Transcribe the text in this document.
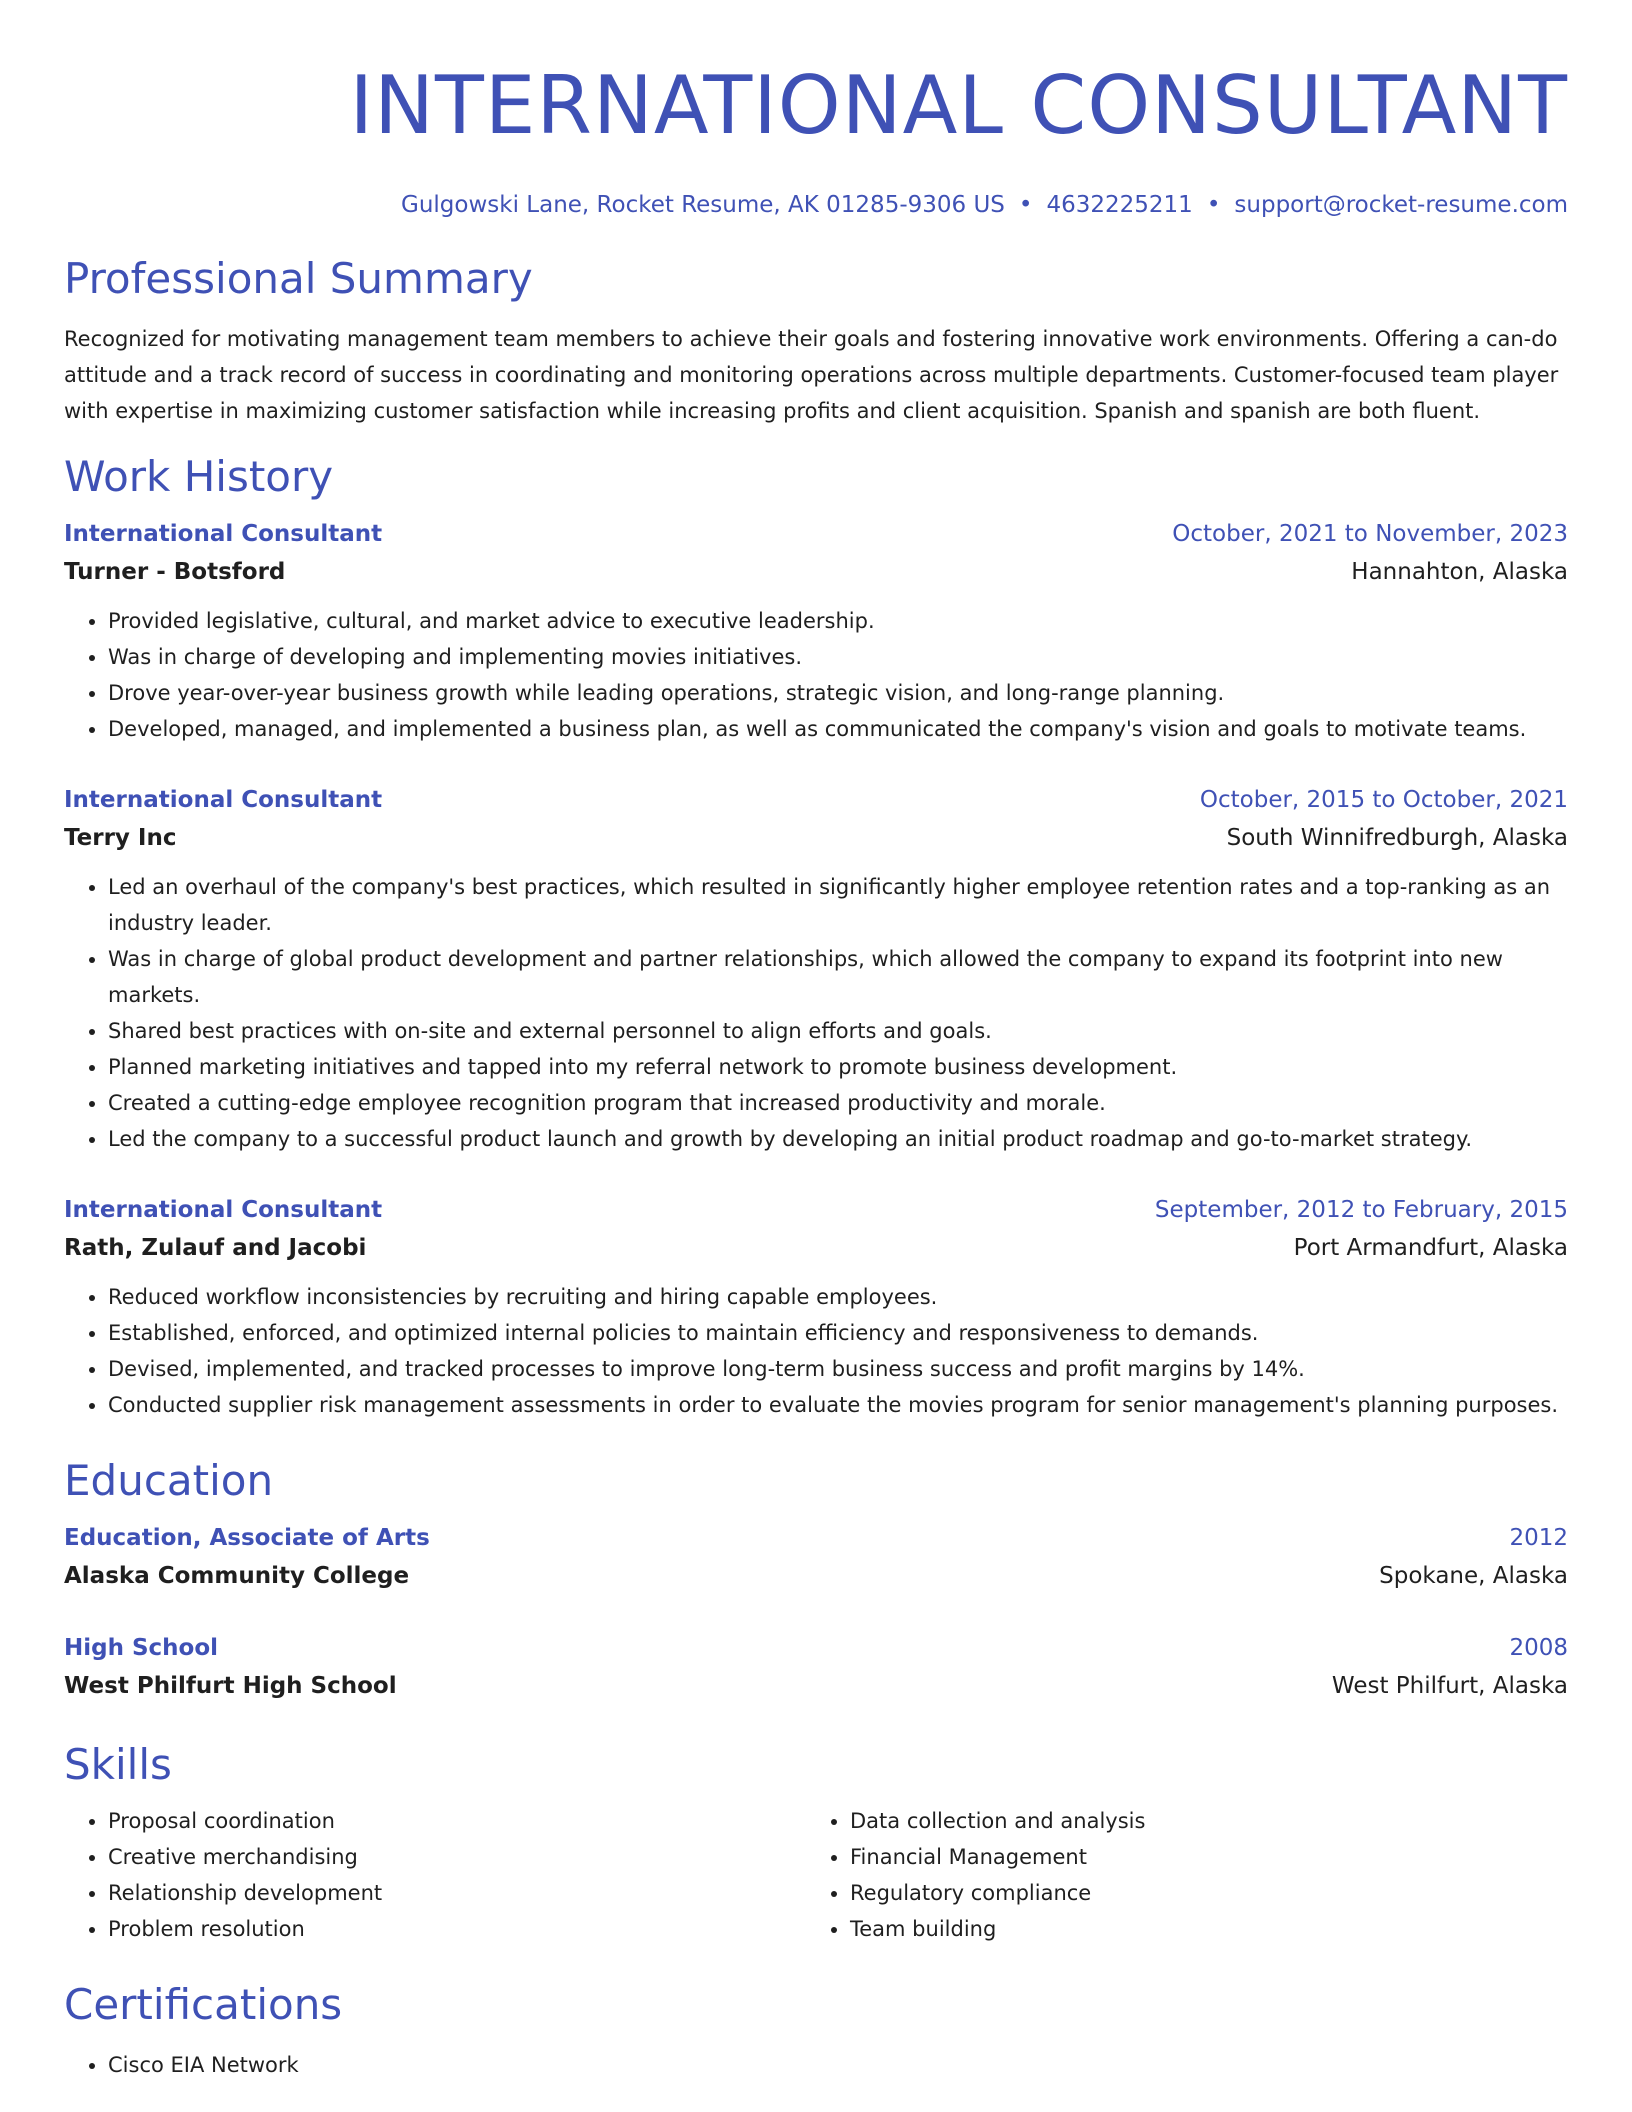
INTERNATIONAL CONSULTANT
Gulgowski Lane, Rocket Resume, AK 01285-9306 US • 4632225211 • support@rocket-resume.com
Professional Summary
Recognized for motivating management team members to achieve their goals and fostering innovative work environments. Offering a can-do attitude and a track record of success in coordinating and monitoring operations across multiple departments. Customer-focused team player with expertise in maximizing customer satisfaction while increasing profits and client acquisition. Spanish and spanish are both fluent.
Work History
International Consultant	October, 2021 to November, 2023
Turner - Botsford	Hannahton, Alaska
• Provided legislative, cultural, and market advice to executive leadership.
• Was in charge of developing and implementing movies initiatives.
• Drove year-over-year business growth while leading operations, strategic vision, and long-range planning.
• Developed, managed, and implemented a business plan, as well as communicated the company's vision and goals to motivate teams.
International Consultant	October, 2015 to October, 2021
Terry Inc	South Winnifredburgh, Alaska
• Led an overhaul of the company's best practices, which resulted in significantly higher employee retention rates and a top-ranking as an industry leader.
• Was in charge of global product development and partner relationships, which allowed the company to expand its footprint into new markets.
• Shared best practices with on-site and external personnel to align efforts and goals.
• Planned marketing initiatives and tapped into my referral network to promote business development.
• Created a cutting-edge employee recognition program that increased productivity and morale.
• Led the company to a successful product launch and growth by developing an initial product roadmap and go-to-market strategy.
International Consultant	September, 2012 to February, 2015
Rath, Zulauf and Jacobi	Port Armandfurt, Alaska
• Reduced workflow inconsistencies by recruiting and hiring capable employees.
• Established, enforced, and optimized internal policies to maintain efficiency and responsiveness to demands.
• Devised, implemented, and tracked processes to improve long-term business success and profit margins by 14%.
• Conducted supplier risk management assessments in order to evaluate the movies program for senior management's planning purposes.
Education
Education, Associate of Arts	2012
Alaska Community College	Spokane, Alaska
High School	2008
West Philfurt High School	West Philfurt, Alaska
Skills
• Proposal coordination
• Creative merchandising
• Relationship development
• Problem resolution
• Data collection and analysis
• Financial Management
• Regulatory compliance
• Team building
Certifications
• Cisco EIA Network
